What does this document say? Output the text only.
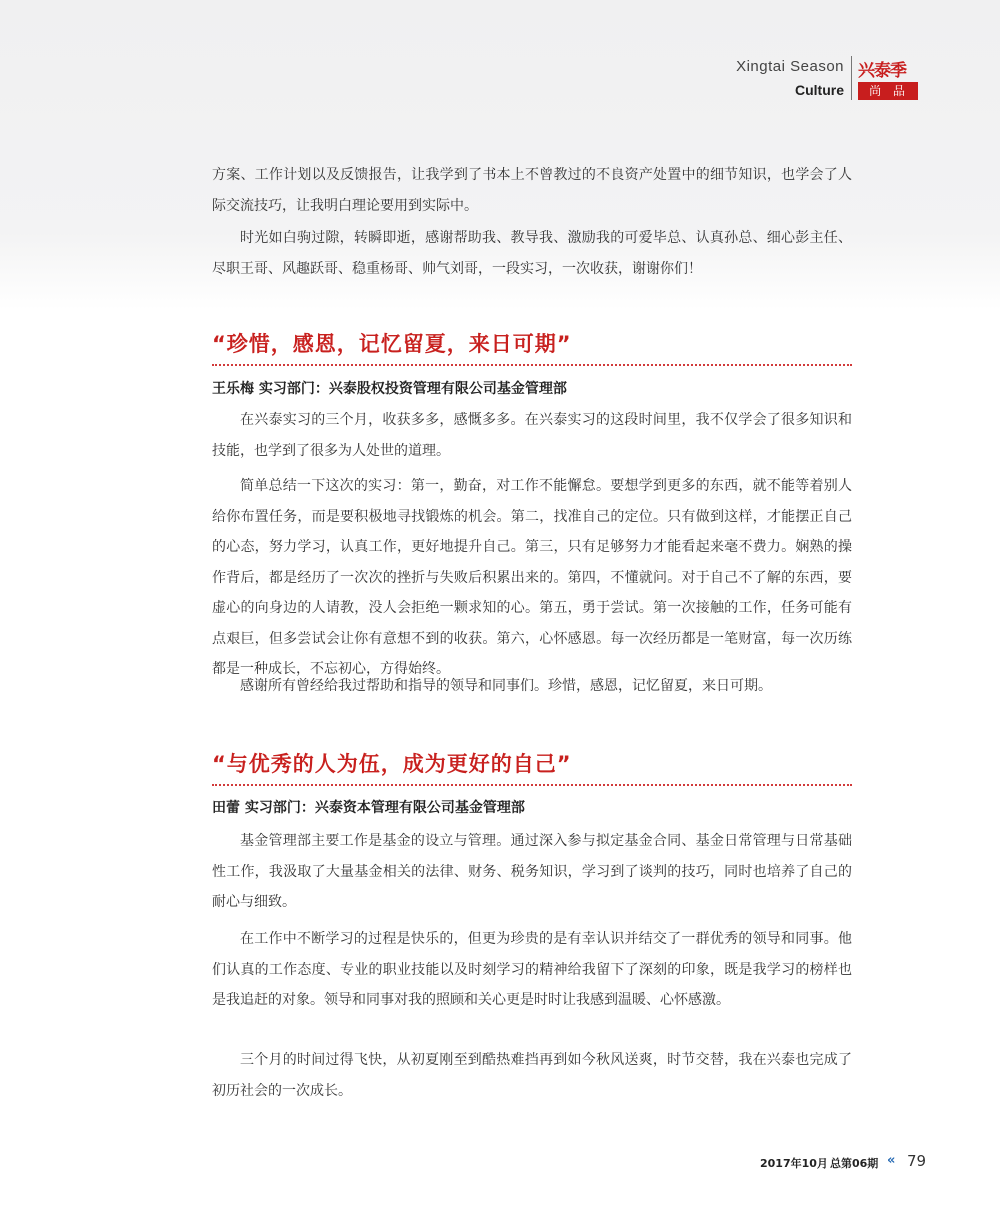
Xingtai Season
Culture
兴泰季
尚 品

方案、工作计划以及反馈报告，让我学到了书本上不曾教过的不良资产处置中的细节知识，也学会了人际交流技巧，让我明白理论要用到实际中。

时光如白驹过隙，转瞬即逝，感谢帮助我、教导我、激励我的可爱毕总、认真孙总、细心彭主任、尽职王哥、风趣跃哥、稳重杨哥、帅气刘哥，一段实习，一次收获，谢谢你们！

“珍惜，感恩，记忆留夏，来日可期”

王乐梅 实习部门：兴泰股权投资管理有限公司基金管理部

在兴泰实习的三个月，收获多多，感慨多多。在兴泰实习的这段时间里，我不仅学会了很多知识和技能，也学到了很多为人处世的道理。

简单总结一下这次的实习：第一，勤奋，对工作不能懈怠。要想学到更多的东西，就不能等着别人给你布置任务，而是要积极地寻找锻炼的机会。第二，找准自己的定位。只有做到这样，才能摆正自己的心态，努力学习，认真工作，更好地提升自己。第三，只有足够努力才能看起来毫不费力。娴熟的操作背后，都是经历了一次次的挫折与失败后积累出来的。第四，不懂就问。对于自己不了解的东西，要虚心的向身边的人请教，没人会拒绝一颗求知的心。第五，勇于尝试。第一次接触的工作，任务可能有点艰巨，但多尝试会让你有意想不到的收获。第六，心怀感恩。每一次经历都是一笔财富，每一次历练都是一种成长，不忘初心，方得始终。

感谢所有曾经给我过帮助和指导的领导和同事们。珍惜，感恩，记忆留夏，来日可期。

“与优秀的人为伍，成为更好的自己”

田蕾 实习部门：兴泰资本管理有限公司基金管理部

基金管理部主要工作是基金的设立与管理。通过深入参与拟定基金合同、基金日常管理与日常基础性工作，我汲取了大量基金相关的法律、财务、税务知识，学习到了谈判的技巧，同时也培养了自己的耐心与细致。

在工作中不断学习的过程是快乐的，但更为珍贵的是有幸认识并结交了一群优秀的领导和同事。他们认真的工作态度、专业的职业技能以及时刻学习的精神给我留下了深刻的印象，既是我学习的榜样也是我追赶的对象。领导和同事对我的照顾和关心更是时时让我感到温暖、心怀感激。

三个月的时间过得飞快，从初夏刚至到酷热难挡再到如今秋风送爽，时节交替，我在兴泰也完成了初历社会的一次成长。

2017年10月 总第06期 « 79
